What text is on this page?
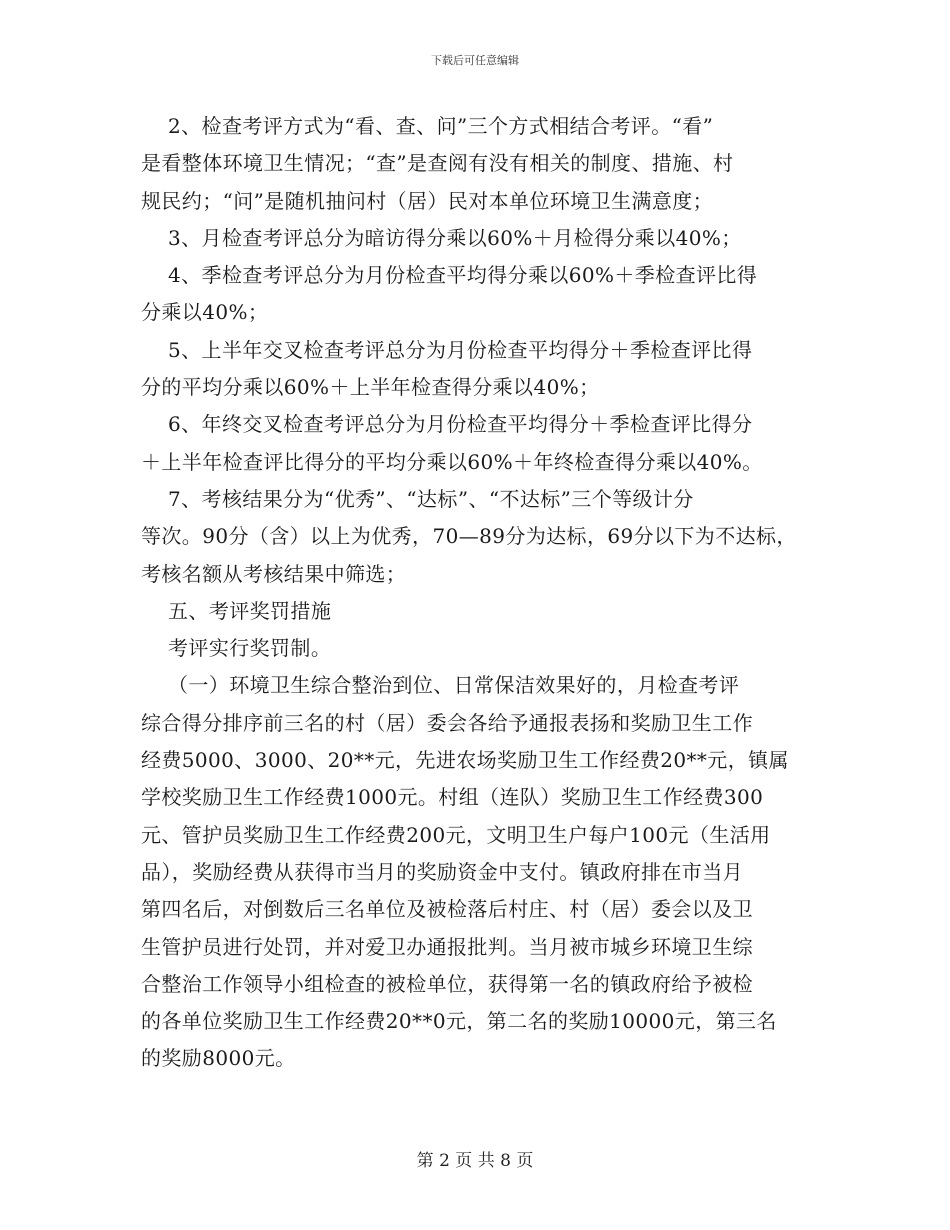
下载后可任意编辑
2、检查考评方式为“看、查、问”三个方式相结合考评。“看”
是看整体环境卫生情况；“查”是查阅有没有相关的制度、措施、村
规民约；“问”是随机抽问村（居）民对本单位环境卫生满意度；
3、月检查考评总分为暗访得分乘以60%＋月检得分乘以40%；
4、季检查考评总分为月份检查平均得分乘以60%＋季检查评比得
分乘以40%；
5、上半年交叉检查考评总分为月份检查平均得分＋季检查评比得
分的平均分乘以60%＋上半年检查得分乘以40%；
6、年终交叉检查考评总分为月份检查平均得分＋季检查评比得分
＋上半年检查评比得分的平均分乘以60%＋年终检查得分乘以40%。
7、考核结果分为“优秀”、“达标”、“不达标”三个等级计分
等次。90分（含）以上为优秀，70—89分为达标，69分以下为不达标，
考核名额从考核结果中筛选；
五、考评奖罚措施
考评实行奖罚制。
（一）环境卫生综合整治到位、日常保洁效果好的，月检查考评
综合得分排序前三名的村（居）委会各给予通报表扬和奖励卫生工作
经费5000、3000、20**元，先进农场奖励卫生工作经费20**元，镇属
学校奖励卫生工作经费1000元。村组（连队）奖励卫生工作经费300
元、管护员奖励卫生工作经费200元，文明卫生户每户100元（生活用
品），奖励经费从获得市当月的奖励资金中支付。镇政府排在市当月
第四名后，对倒数后三名单位及被检落后村庄、村（居）委会以及卫
生管护员进行处罚，并对爱卫办通报批判。当月被市城乡环境卫生综
合整治工作领导小组检查的被检单位，获得第一名的镇政府给予被检
的各单位奖励卫生工作经费20**0元，第二名的奖励10000元，第三名
的奖励8000元。
第 2 页 共 8 页
